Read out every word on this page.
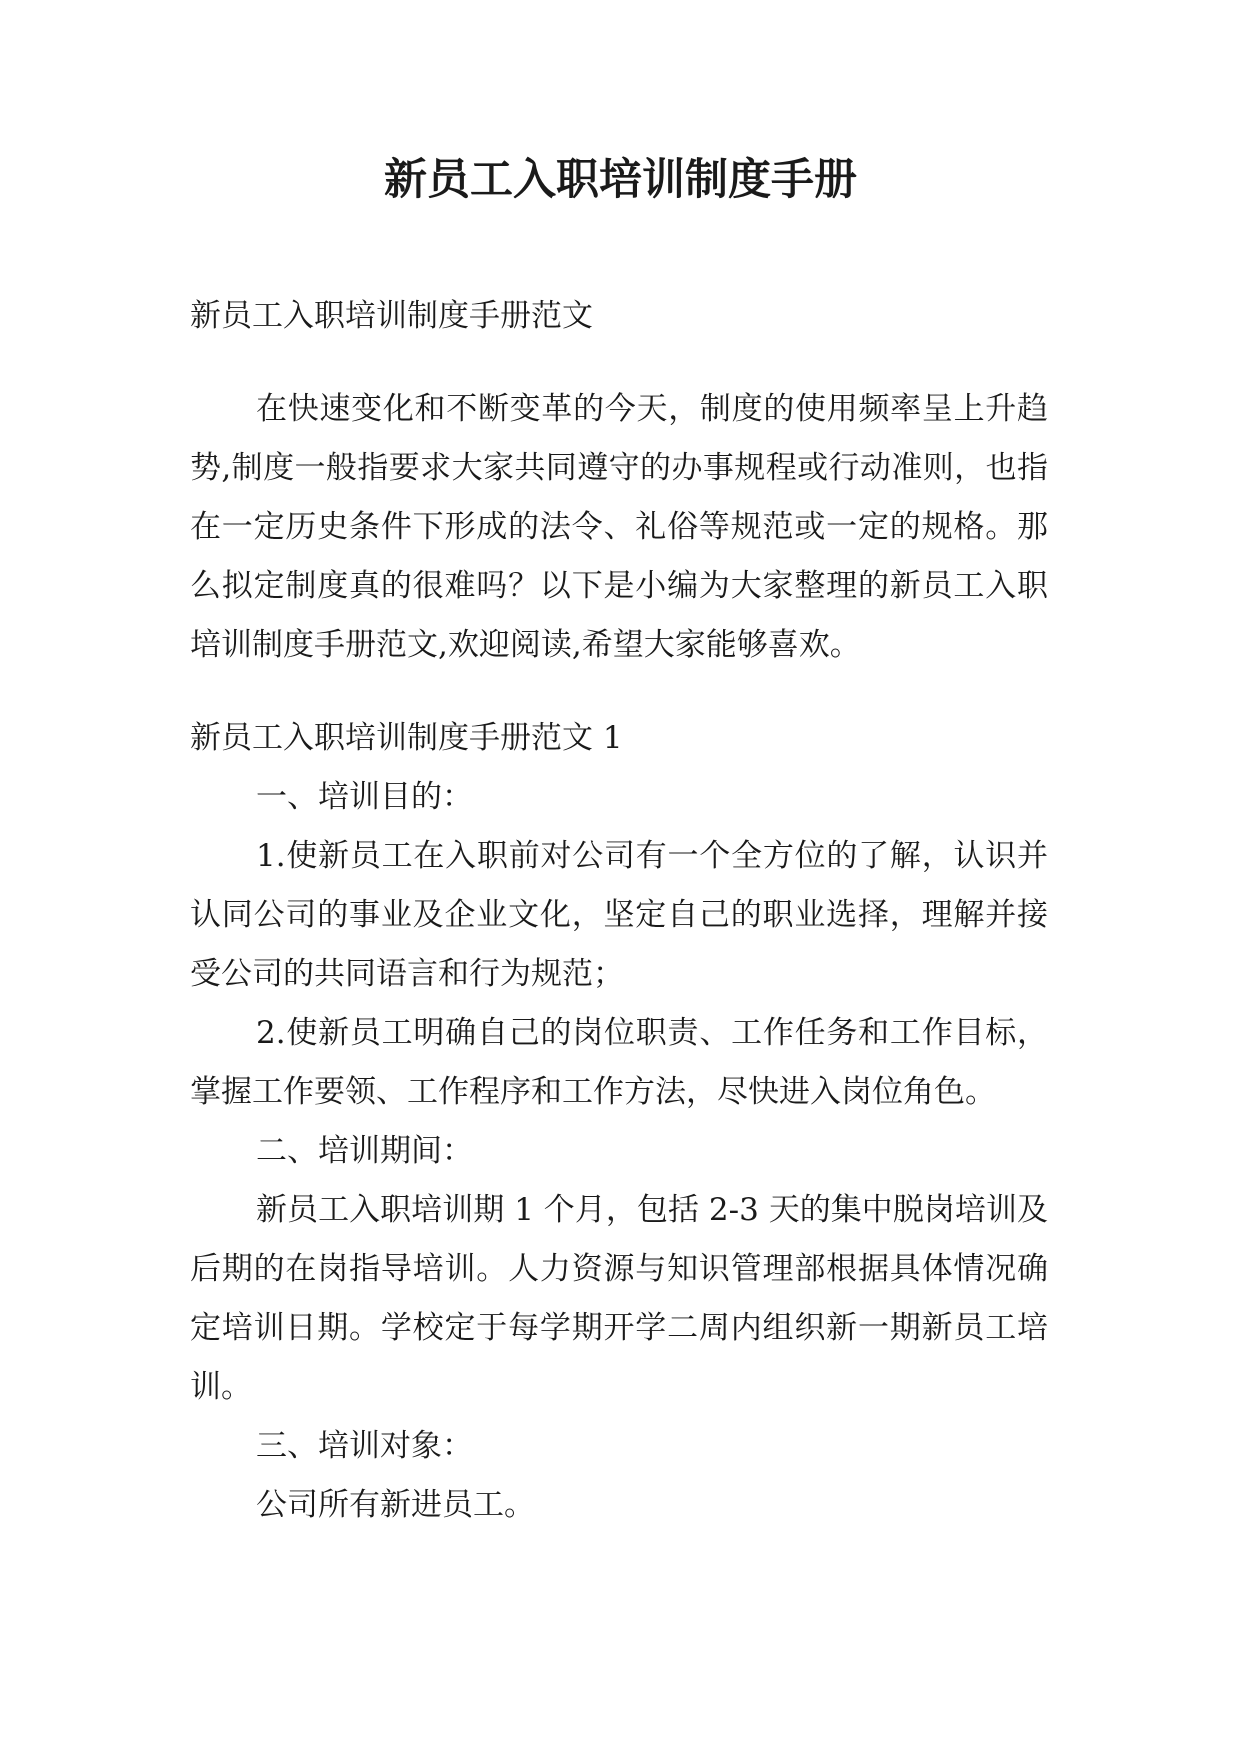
新员工入职培训制度手册

新员工入职培训制度手册范文

在快速变化和不断变革的今天，制度的使用频率呈上升趋势,制度一般指要求大家共同遵守的办事规程或行动准则，也指在一定历史条件下形成的法令、礼俗等规范或一定的规格。那么拟定制度真的很难吗？以下是小编为大家整理的新员工入职培训制度手册范文,欢迎阅读,希望大家能够喜欢。

新员工入职培训制度手册范文 1

一、培训目的：

1.使新员工在入职前对公司有一个全方位的了解，认识并认同公司的事业及企业文化，坚定自己的职业选择，理解并接受公司的共同语言和行为规范；

2.使新员工明确自己的岗位职责、工作任务和工作目标，掌握工作要领、工作程序和工作方法，尽快进入岗位角色。

二、培训期间：

新员工入职培训期 1 个月，包括 2-3 天的集中脱岗培训及后期的在岗指导培训。人力资源与知识管理部根据具体情况确定培训日期。学校定于每学期开学二周内组织新一期新员工培训。

三、培训对象：

公司所有新进员工。
